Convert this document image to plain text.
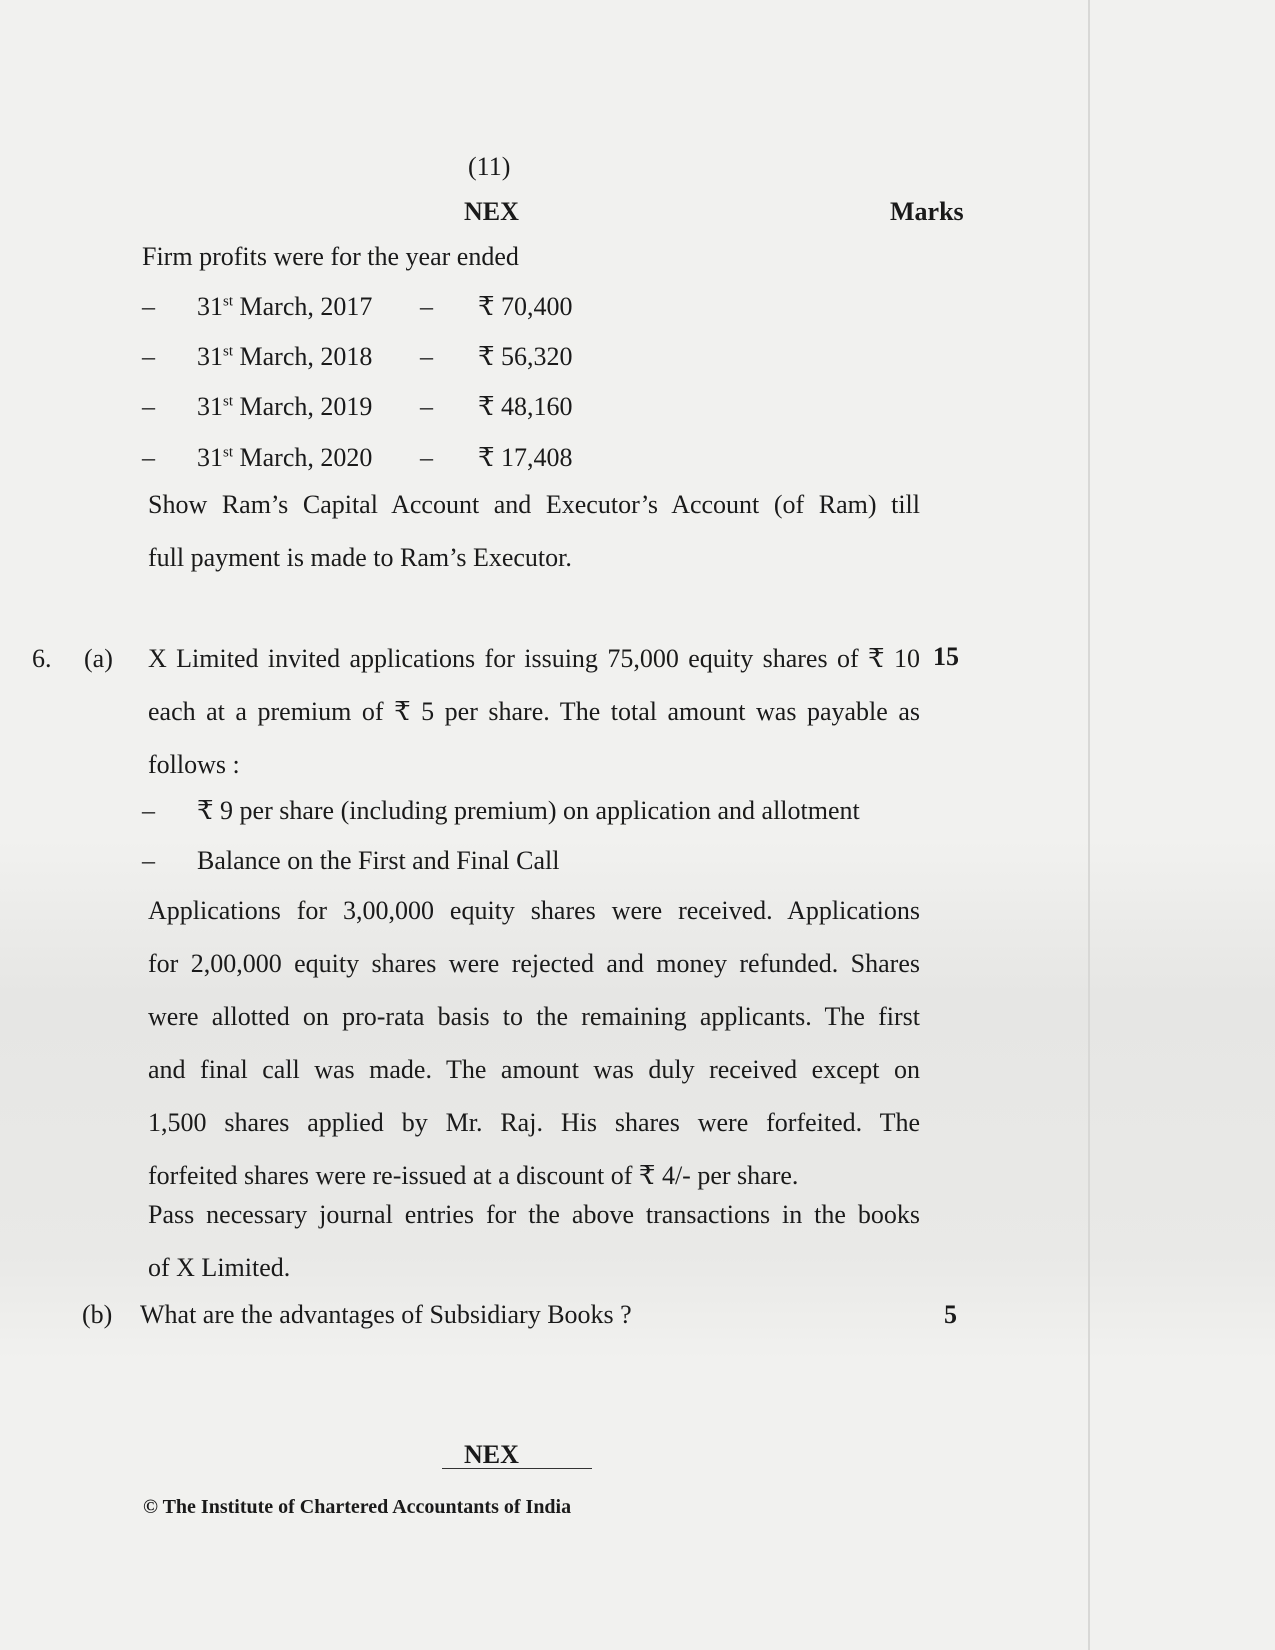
(11)
NEX	Marks
Firm profits were for the year ended
– 31st March, 2017 – ₹ 70,400
– 31st March, 2018 – ₹ 56,320
– 31st March, 2019 – ₹ 48,160
– 31st March, 2020 – ₹ 17,408
Show Ram’s Capital Account and Executor’s Account (of Ram) till
full payment is made to Ram’s Executor.
6. (a)	15
X Limited invited applications for issuing 75,000 equity shares of ₹ 10
each at a premium of ₹ 5 per share. The total amount was payable as
follows :
– ₹ 9 per share (including premium) on application and allotment
– Balance on the First and Final Call
Applications for 3,00,000 equity shares were received. Applications
for 2,00,000 equity shares were rejected and money refunded. Shares
were allotted on pro-rata basis to the remaining applicants. The first
and final call was made. The amount was duly received except on
1,500 shares applied by Mr. Raj. His shares were forfeited. The
forfeited shares were re-issued at a discount of ₹ 4/- per share.
Pass necessary journal entries for the above transactions in the books
of X Limited.
(b) What are the advantages of Subsidiary Books ?	5
NEX
© The Institute of Chartered Accountants of India
